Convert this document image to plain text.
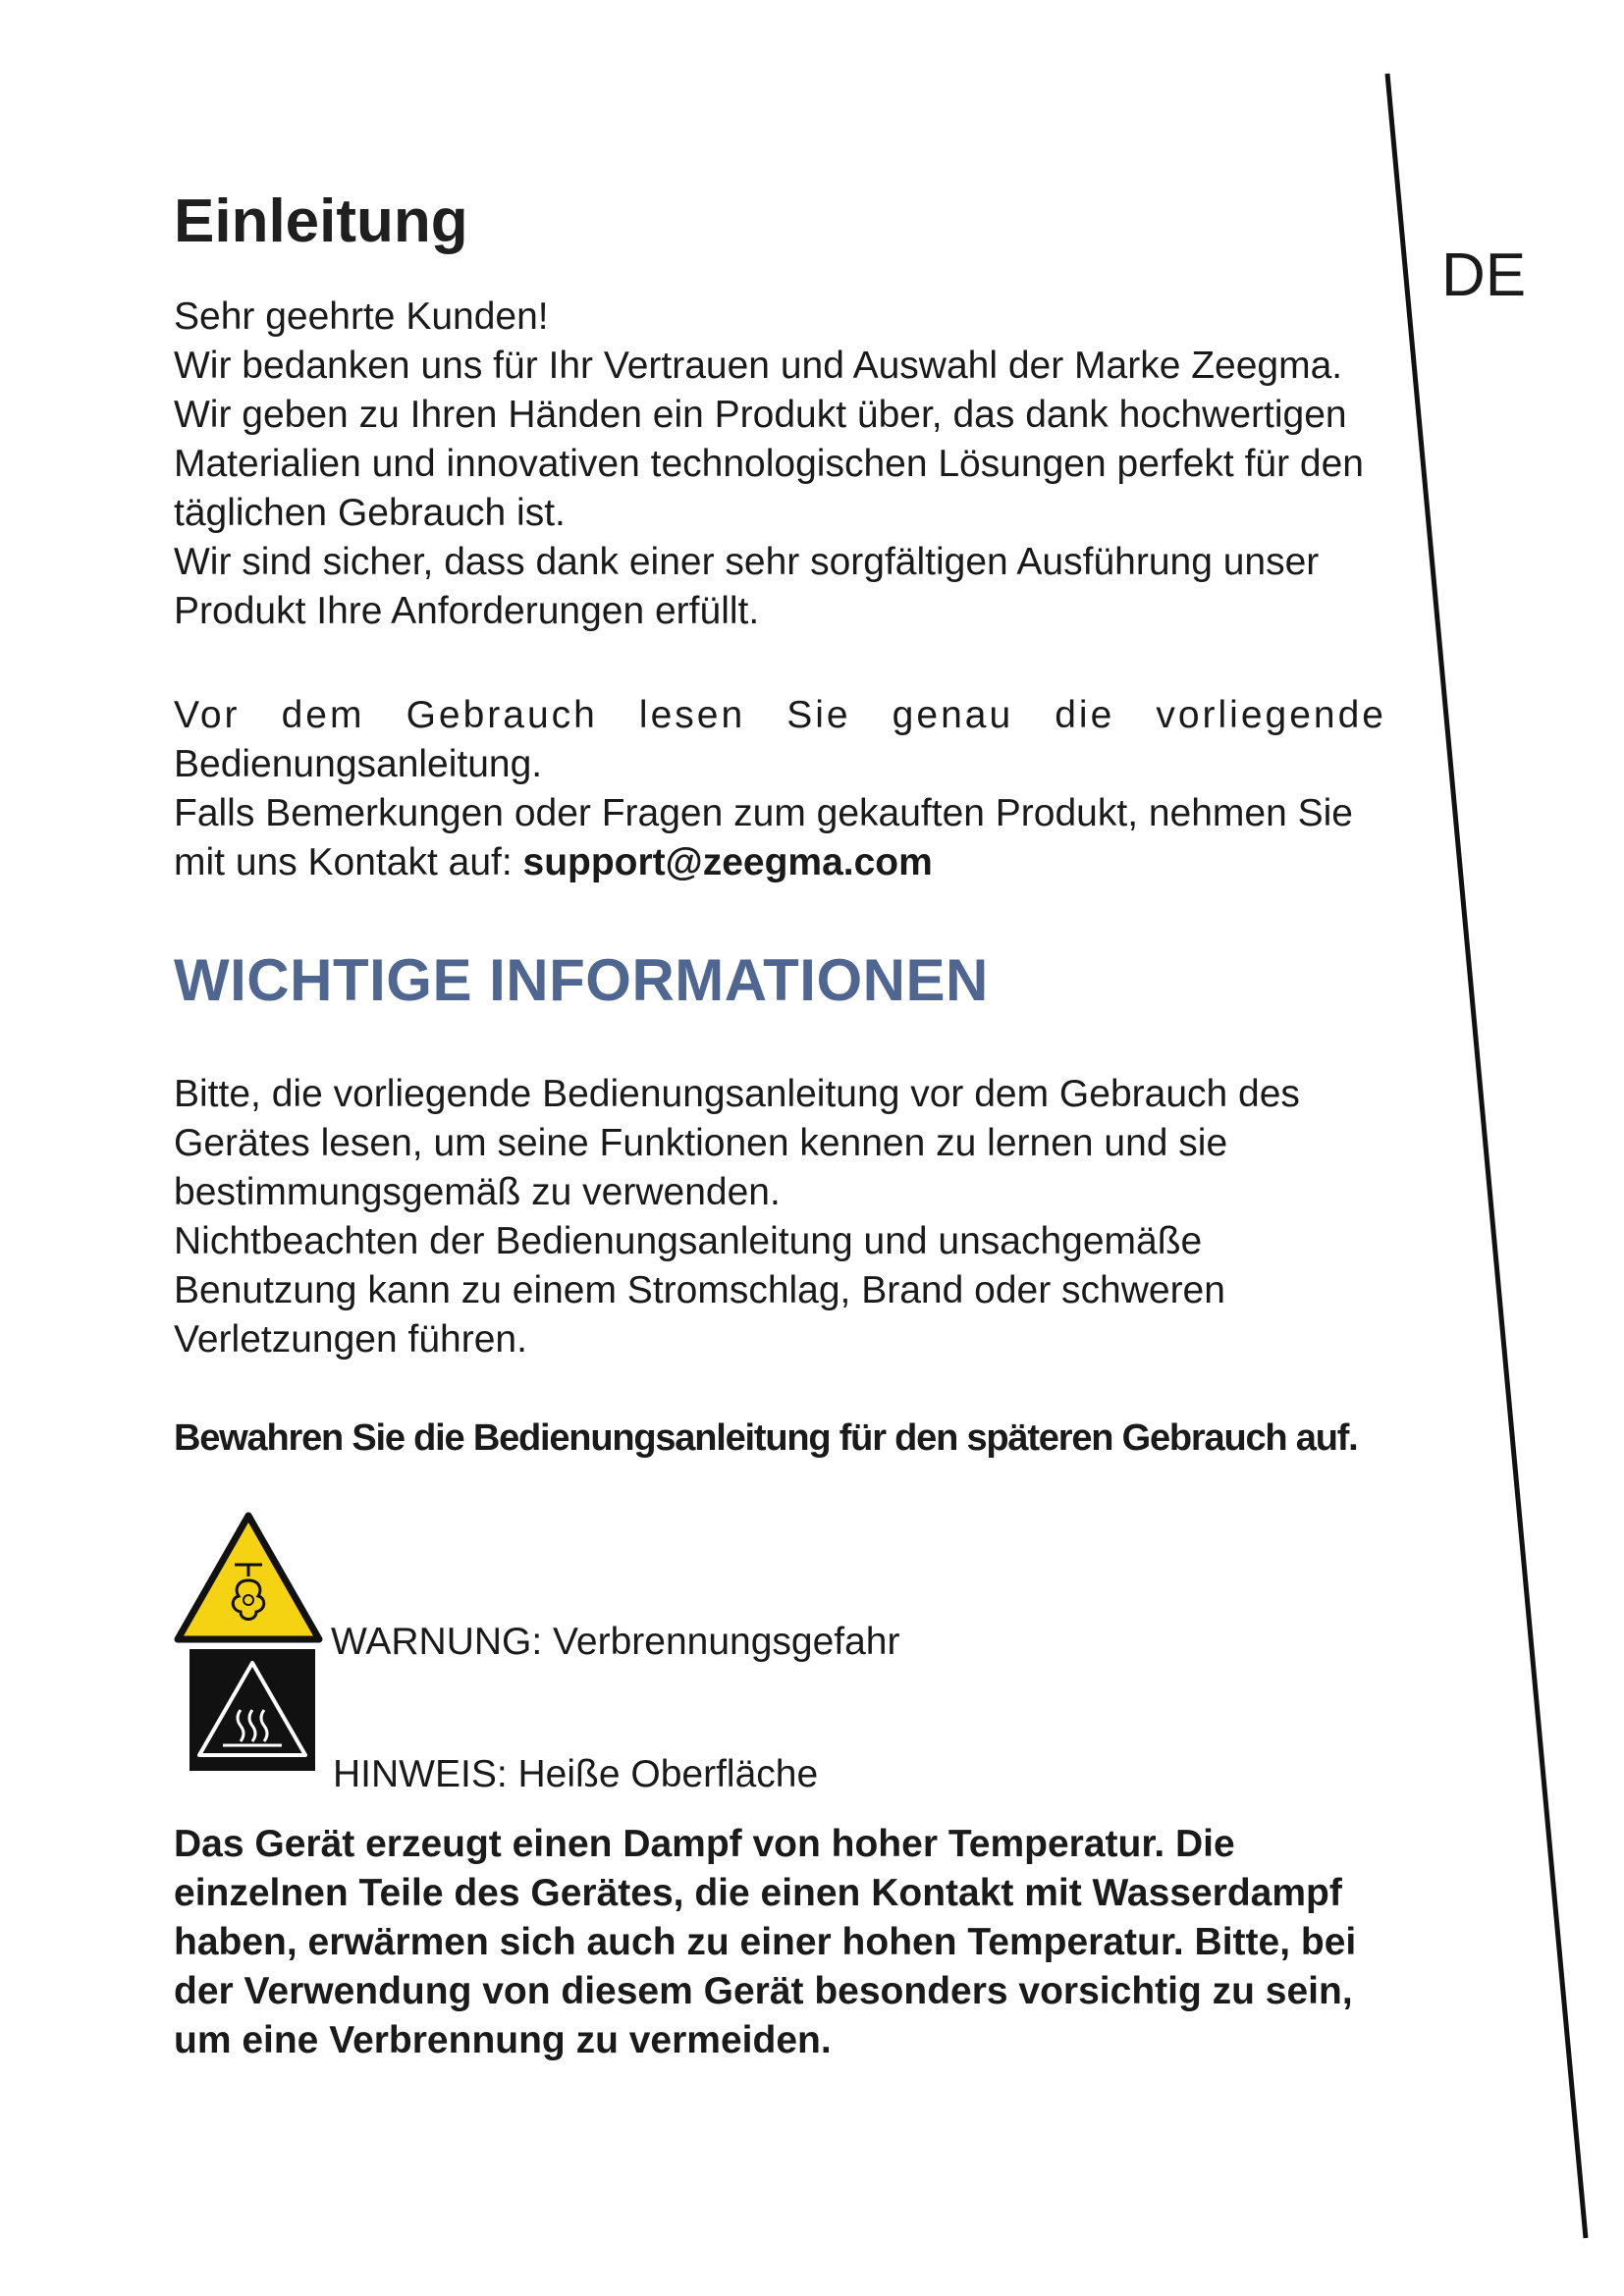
DE
Einleitung

Sehr geehrte Kunden!

Wir bedanken uns für Ihr Vertrauen und Auswahl der Marke Zeegma. Wir geben zu Ihren Händen ein Produkt über, das dank hochwertigen Materialien und innovativen technologischen Lösungen perfekt für den täglichen Gebrauch ist.

Wir sind sicher, dass dank einer sehr sorgfältigen Ausführung unser Produkt Ihre Anforderungen erfüllt.

Vor dem Gebrauch lesen Sie genau die vorliegende

Bedienungsanleitung.

Falls Bemerkungen oder Fragen zum gekauften Produkt, nehmen Sie mit uns Kontakt auf: support@zeegma.com

WICHTIGE INFORMATIONEN

Bitte, die vorliegende Bedienungsanleitung vor dem Gebrauch des Gerätes lesen, um seine Funktionen kennen zu lernen und sie bestimmungsgemäß zu verwenden.

Nichtbeachten der Bedienungsanleitung und unsachgemäße Benutzung kann zu einem Stromschlag, Brand oder schweren Verletzungen führen.

Bewahren Sie die Bedienungsanleitung für den späteren Gebrauch auf.

WARNUNG: Verbrennungsgefahr
HINWEIS: Heiße Oberfläche

Das Gerät erzeugt einen Dampf von hoher Temperatur. Die einzelnen Teile des Gerätes, die einen Kontakt mit Wasserdampf haben, erwärmen sich auch zu einer hohen Temperatur. Bitte, bei der Verwendung von diesem Gerät besonders vorsichtig zu sein, um eine Verbrennung zu vermeiden.
